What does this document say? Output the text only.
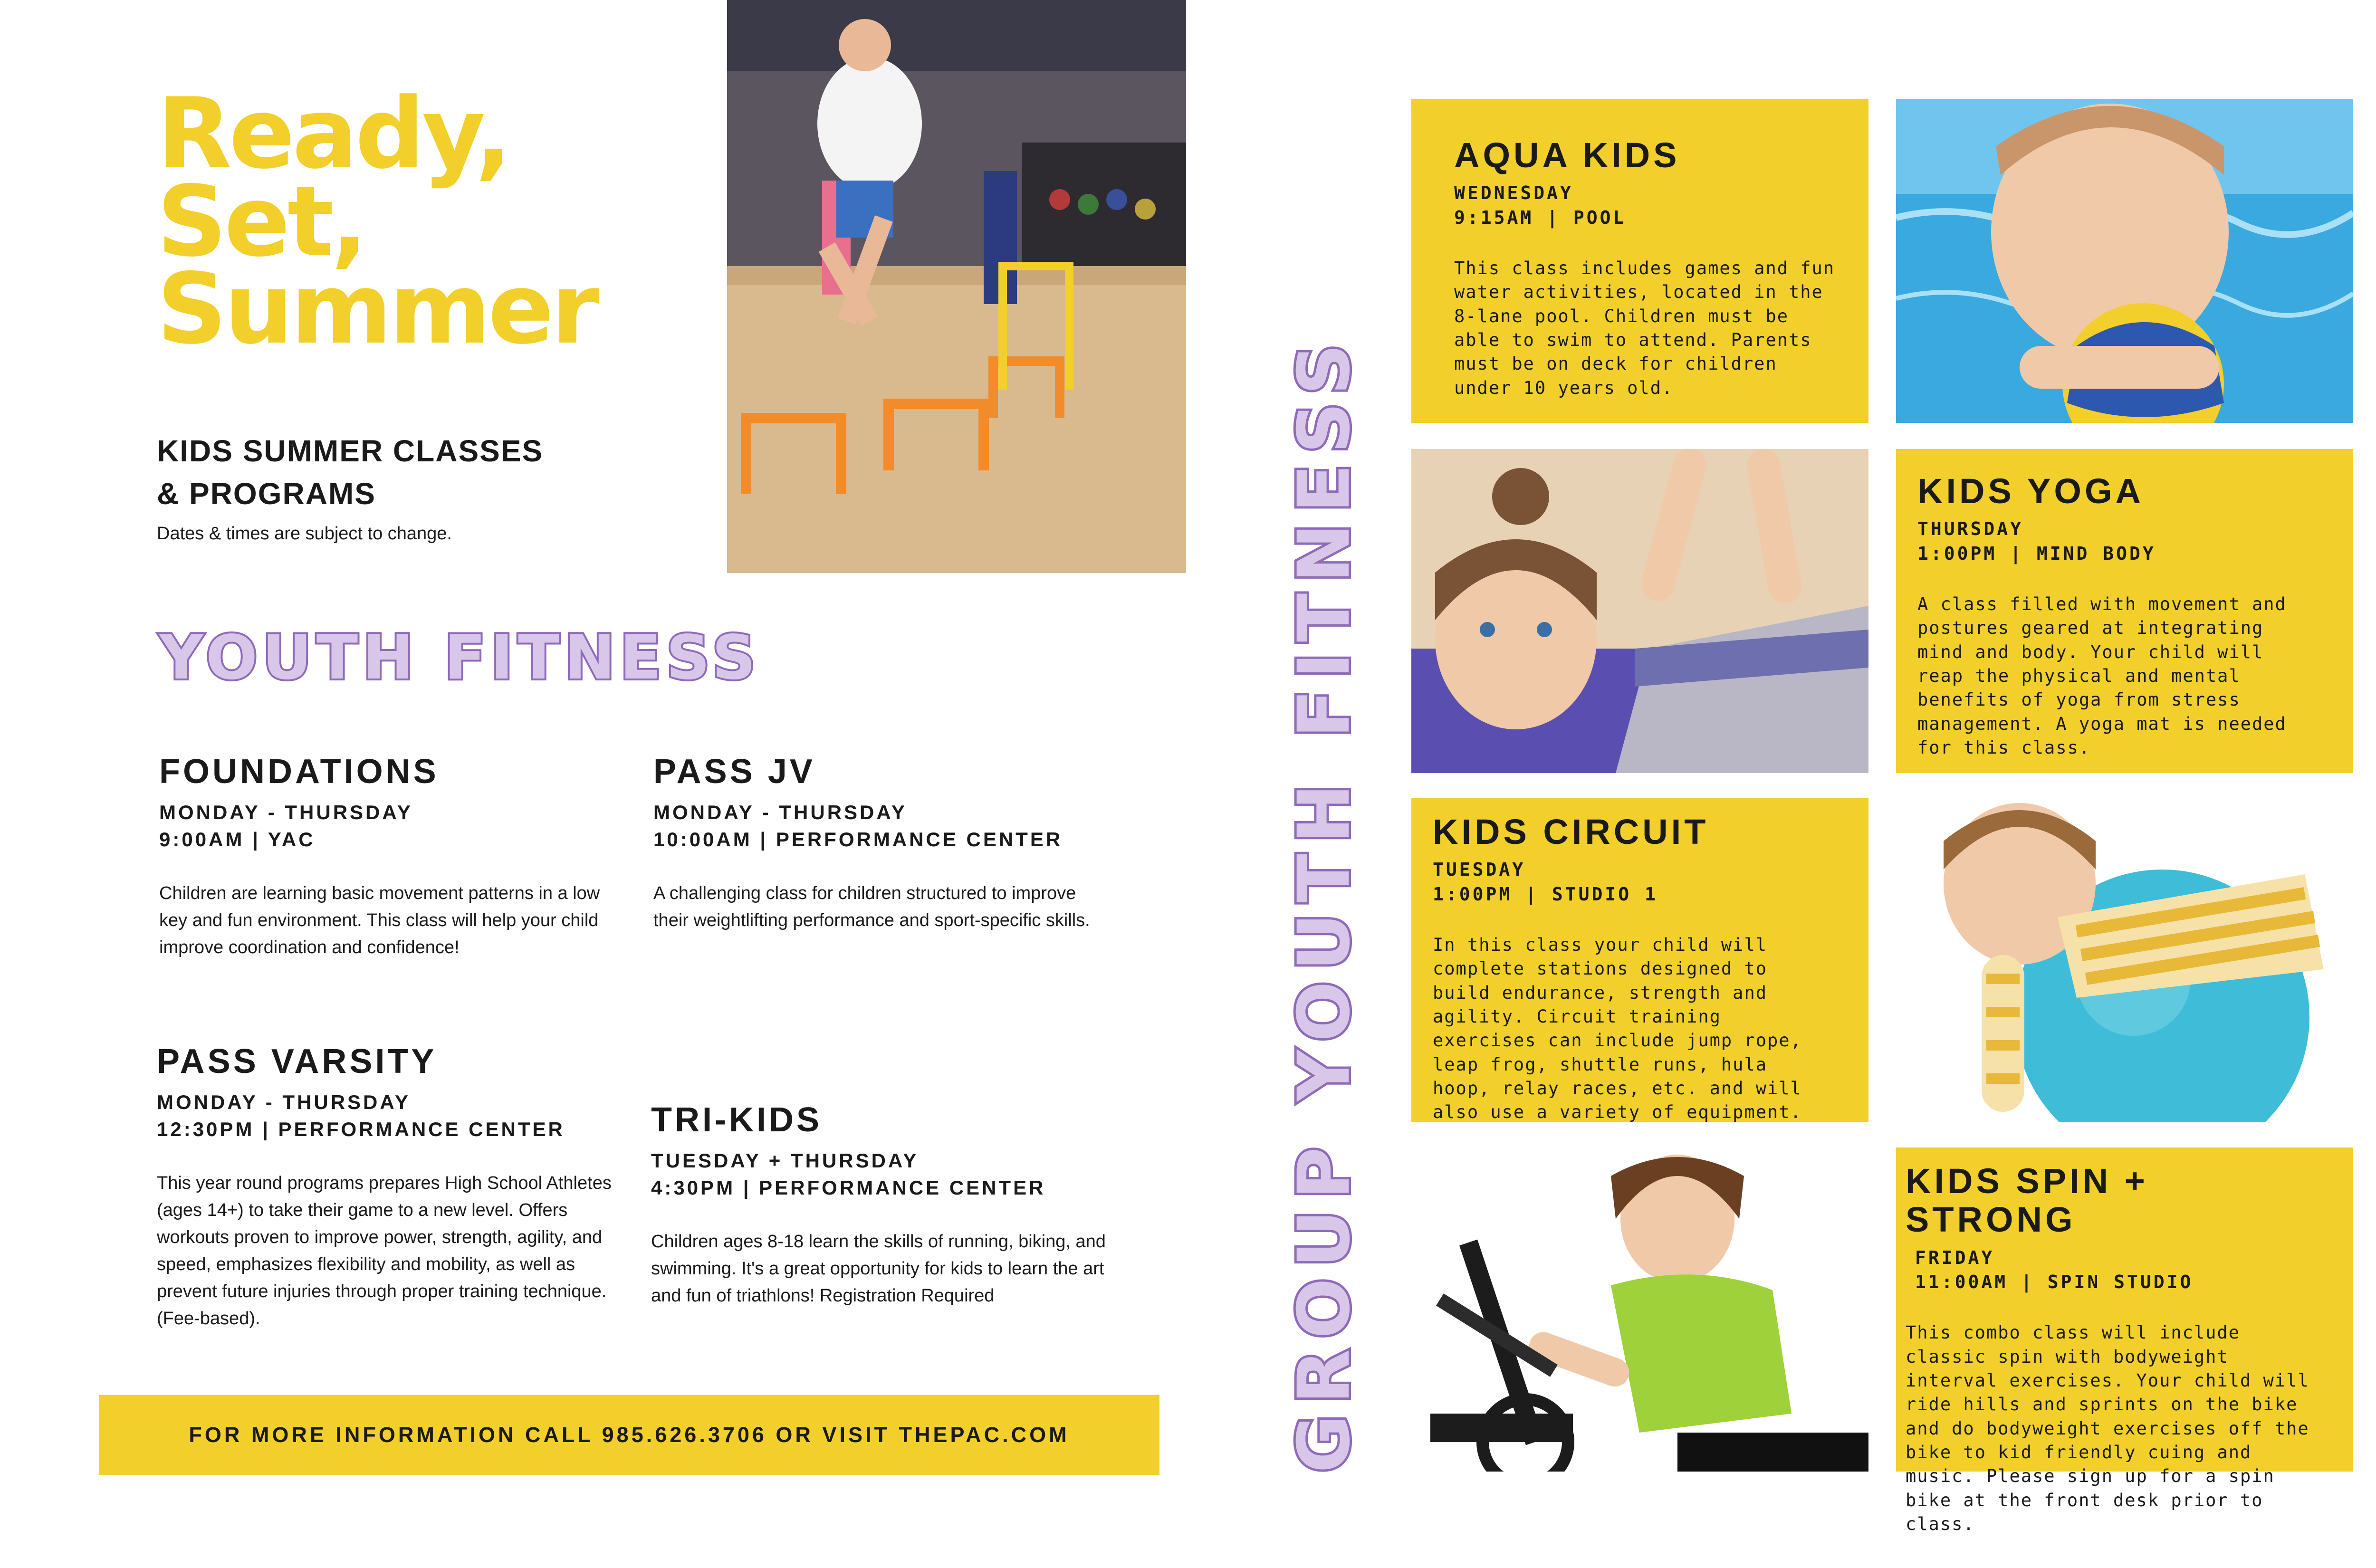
Ready,
Set,
Summer
KIDS SUMMER CLASSES
& PROGRAMS
Dates & times are subject to change.
YOUTH FITNESS
FOUNDATIONS
MONDAY - THURSDAY
9:00AM | YAC
Children are learning basic movement patterns in a low key and fun environment. This class will help your child improve coordination and confidence!
PASS JV
MONDAY - THURSDAY
10:00AM | PERFORMANCE CENTER
A challenging class for children structured to improve their weightlifting performance and sport-specific skills.
PASS VARSITY
MONDAY - THURSDAY
12:30PM | PERFORMANCE CENTER
This year round programs prepares High School Athletes (ages 14+) to take their game to a new level. Offers workouts proven to improve power, strength, agility, and speed, emphasizes flexibility and mobility, as well as prevent future injuries through proper training technique. (Fee-based).
TRI-KIDS
TUESDAY + THURSDAY
4:30PM | PERFORMANCE CENTER
Children ages 8-18 learn the skills of running, biking, and swimming. It's a great opportunity for kids to learn the art and fun of triathlons! Registration Required
FOR MORE INFORMATION CALL 985.626.3706 OR VISIT THEPAC.COM	GROUP YOUTH FITNESS
AQUA KIDS
WEDNESDAY
9:15AM | POOL
This class includes games and fun water activities, located in the 8-lane pool. Children must be able to swim to attend. Parents must be on deck for children under 10 years old.
KIDS YOGA
THURSDAY
1:00PM | MIND BODY
A class filled with movement and postures geared at integrating mind and body. Your child will reap the physical and mental benefits of yoga from stress management. A yoga mat is needed for this class.
KIDS CIRCUIT
TUESDAY
1:00PM | STUDIO 1
In this class your child will complete stations designed to build endurance, strength and agility. Circuit training exercises can include jump rope, leap frog, shuttle runs, hula hoop, relay races, etc. and will also use a variety of equipment.
KIDS SPIN + STRONG
FRIDAY
11:00AM | SPIN STUDIO
This combo class will include classic spin with bodyweight interval exercises. Your child will ride hills and sprints on the bike and do bodyweight exercises off the bike to kid friendly cuing and music. Please sign up for a spin bike at the front desk prior to class.
